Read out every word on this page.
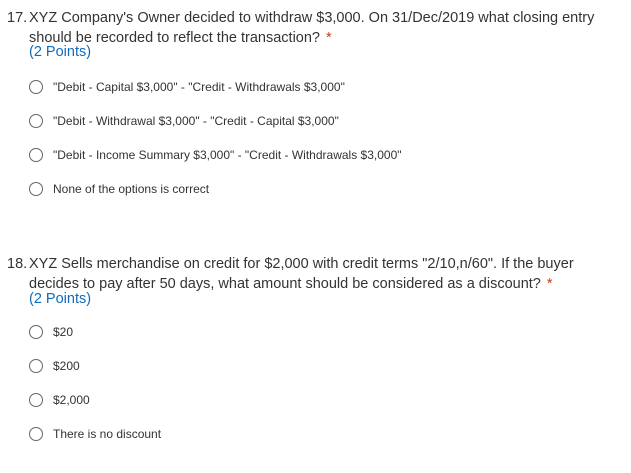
17. XYZ Company's Owner decided to withdraw $3,000. On 31/Dec/2019 what closing entry should be recorded to reflect the transaction? *
(2 Points)
"Debit - Capital $3,000" - "Credit - Withdrawals $3,000"
"Debit - Withdrawal $3,000" - "Credit - Capital $3,000"
"Debit - Income Summary $3,000" - "Credit - Withdrawals $3,000"
None of the options is correct
18. XYZ Sells merchandise on credit for $2,000 with credit terms "2/10,n/60". If the buyer decides to pay after 50 days, what amount should be considered as a discount? *
(2 Points)
$20
$200
$2,000
There is no discount
